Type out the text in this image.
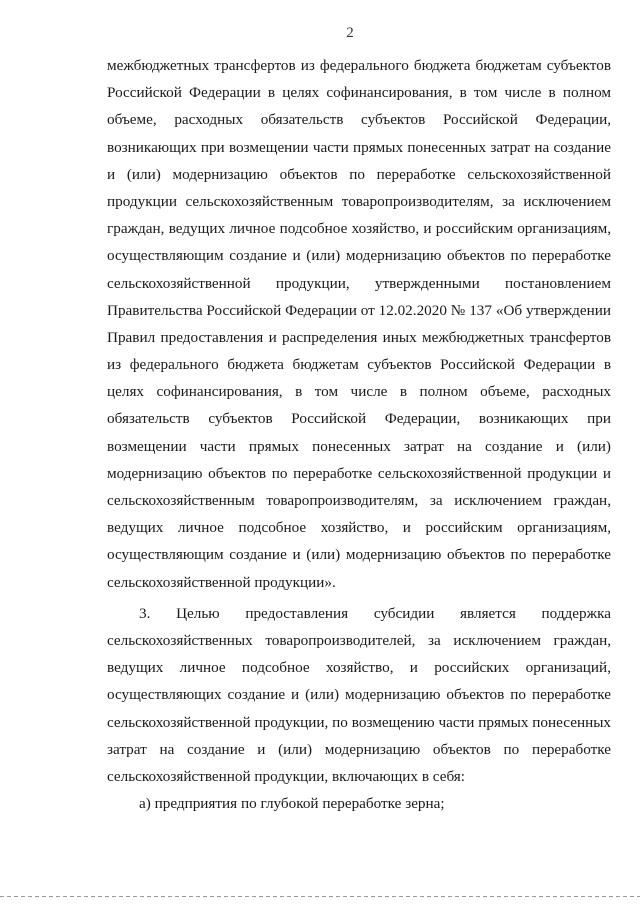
2

межбюджетных трансфертов из федерального бюджета бюджетам субъектов
Российской Федерации в целях софинансирования, в том числе в полном
объеме, расходных обязательств субъектов Российской Федерации,
возникающих при возмещении части прямых понесенных затрат на создание
и (или) модернизацию объектов по переработке сельскохозяйственной
продукции сельскохозяйственным товаропроизводителям, за исключением
граждан, ведущих личное подсобное хозяйство, и российским организациям,
осуществляющим создание и (или) модернизацию объектов по переработке
сельскохозяйственной продукции, утвержденными постановлением
Правительства Российской Федерации от 12.02.2020 № 137 «Об утверждении
Правил предоставления и распределения иных межбюджетных трансфертов
из федерального бюджета бюджетам субъектов Российской Федерации в
целях софинансирования, в том числе в полном объеме, расходных
обязательств субъектов Российской Федерации, возникающих при
возмещении части прямых понесенных затрат на создание и (или)
модернизацию объектов по переработке сельскохозяйственной продукции и
сельскохозяйственным товаропроизводителям, за исключением граждан,
ведущих личное подсобное хозяйство, и российским организациям,
осуществляющим создание и (или) модернизацию объектов по переработке
сельскохозяйственной продукции».

3. Целью предоставления субсидии является поддержка
сельскохозяйственных товаропроизводителей, за исключением граждан,
ведущих личное подсобное хозяйство, и российских организаций,
осуществляющих создание и (или) модернизацию объектов по переработке
сельскохозяйственной продукции, по возмещению части прямых понесенных
затрат на создание и (или) модернизацию объектов по переработке
сельскохозяйственной продукции, включающих в себя:

а) предприятия по глубокой переработке зерна;
